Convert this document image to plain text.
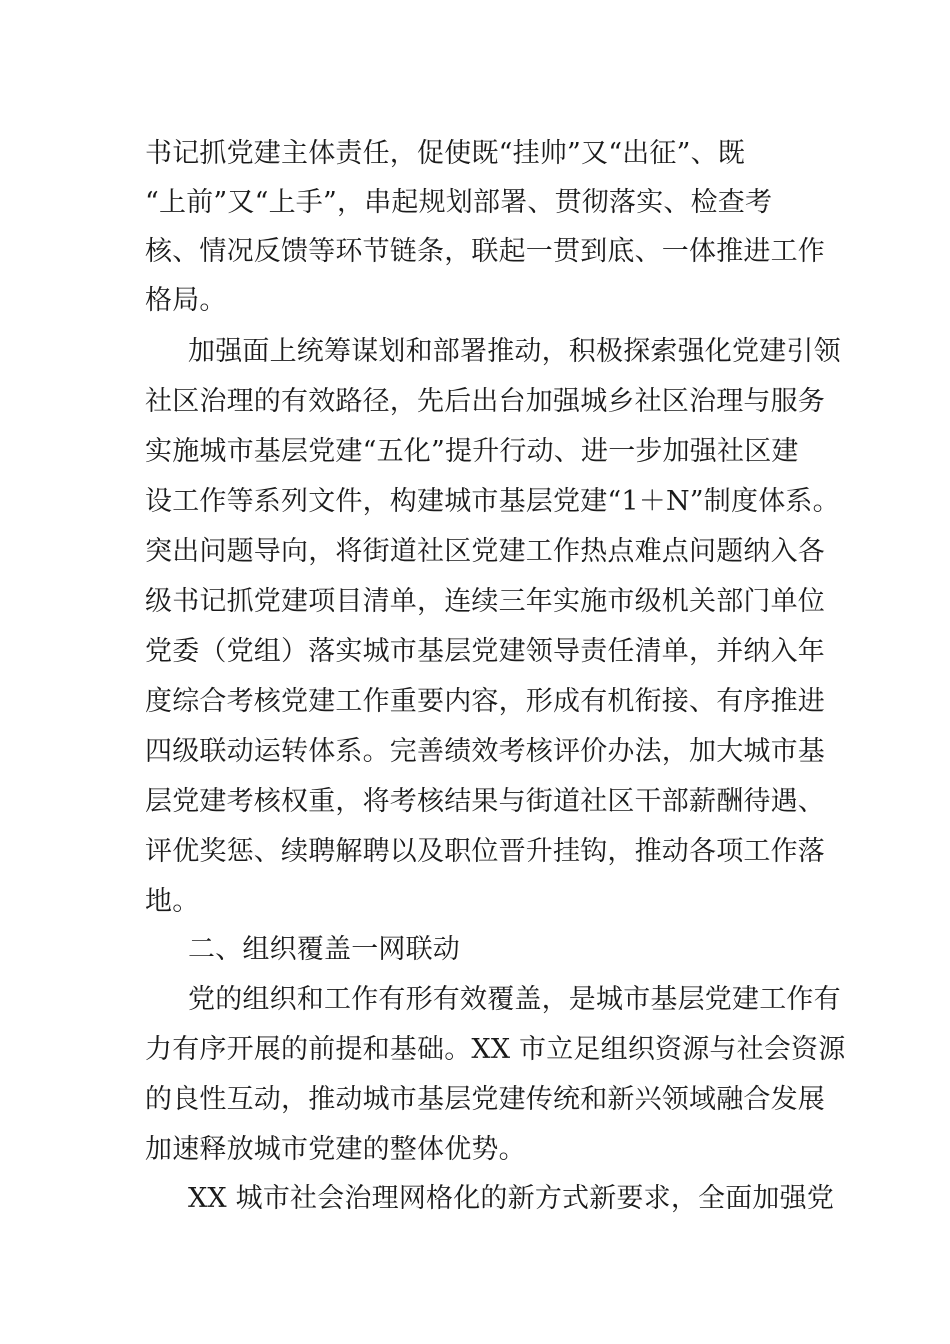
书记抓党建主体责任，促使既“挂帅”又“出征”、既
“上前”又“上手”，串起规划部署、贯彻落实、检查考
核、情况反馈等环节链条，联起一贯到底、一体推进工作
格局。
加强面上统筹谋划和部署推动，积极探索强化党建引领
社区治理的有效路径，先后出台加强城乡社区治理与服务
实施城市基层党建“五化”提升行动、进一步加强社区建
设工作等系列文件，构建城市基层党建“1＋N”制度体系。
突出问题导向，将街道社区党建工作热点难点问题纳入各
级书记抓党建项目清单，连续三年实施市级机关部门单位
党委（党组）落实城市基层党建领导责任清单，并纳入年
度综合考核党建工作重要内容，形成有机衔接、有序推进
四级联动运转体系。完善绩效考核评价办法，加大城市基
层党建考核权重，将考核结果与街道社区干部薪酬待遇、
评优奖惩、续聘解聘以及职位晋升挂钩，推动各项工作落
地。
二、组织覆盖一网联动
党的组织和工作有形有效覆盖，是城市基层党建工作有
力有序开展的前提和基础。XX 市立足组织资源与社会资源
的良性互动，推动城市基层党建传统和新兴领域融合发展
加速释放城市党建的整体优势。
XX 城市社会治理网格化的新方式新要求，全面加强党
